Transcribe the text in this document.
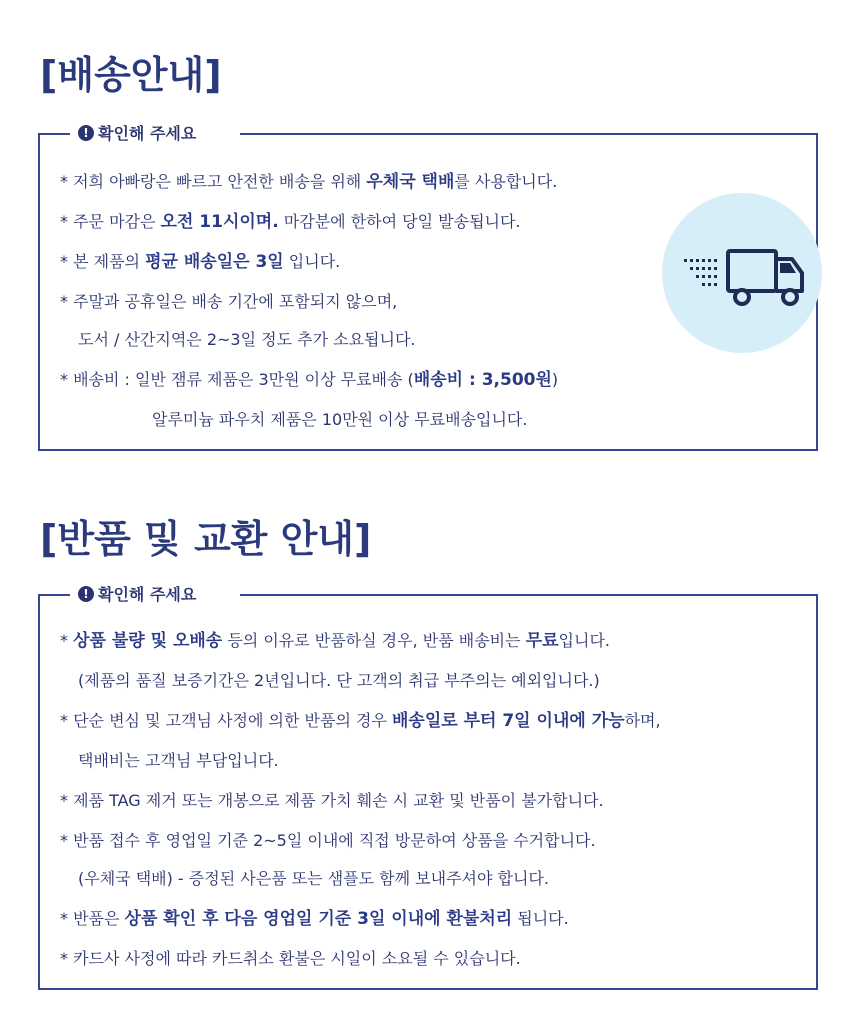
[배송안내]
! 확인해 주세요
* 저희 아빠랑은 빠르고 안전한 배송을 위해 우체국 택배를 사용합니다.
* 주문 마감은 오전 11시이며. 마감분에 한하여 당일 발송됩니다.
* 본 제품의 평균 배송일은 3일 입니다.
* 주말과 공휴일은 배송 기간에 포함되지 않으며,
도서 / 산간지역은 2~3일 정도 추가 소요됩니다.
* 배송비 : 일반 잼류 제품은 3만원 이상 무료배송 (배송비 : 3,500원)
알루미늄 파우치 제품은 10만원 이상 무료배송입니다.
[반품 및 교환 안내]
! 확인해 주세요
* 상품 불량 및 오배송 등의 이유로 반품하실 경우, 반품 배송비는 무료입니다.
(제품의 품질 보증기간은 2년입니다. 단 고객의 취급 부주의는 예외입니다.)
* 단순 변심 및 고객님 사정에 의한 반품의 경우 배송일로 부터 7일 이내에 가능하며,
택배비는 고객님 부담입니다.
* 제품 TAG 제거 또는 개봉으로 제품 가치 훼손 시 교환 및 반품이 불가합니다.
* 반품 접수 후 영업일 기준 2~5일 이내에 직접 방문하여 상품을 수거합니다.
(우체국 택배) - 증정된 사은품 또는 샘플도 함께 보내주셔야 합니다.
* 반품은 상품 확인 후 다음 영업일 기준 3일 이내에 환불처리 됩니다.
* 카드사 사정에 따라 카드취소 환불은 시일이 소요될 수 있습니다.
